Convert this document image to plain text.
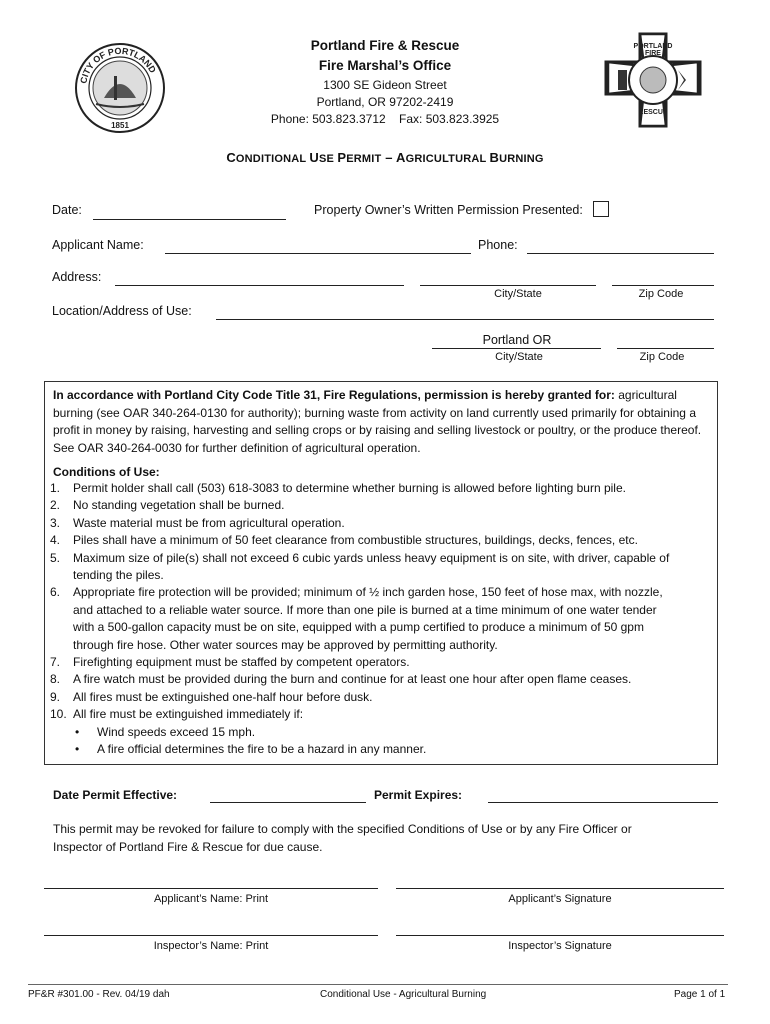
CITY OF PORTLAND
1851
PORTLAND
FIRE
RESCUE
Portland Fire & Rescue
Fire Marshal’s Office
1300 SE Gideon Street
Portland, OR 97202-2419
Phone: 503.823.3712 Fax: 503.823.3925
CONDITIONAL USE PERMIT – AGRICULTURAL BURNING
Date:	Property Owner’s Written Permission Presented:
Applicant Name:	Phone:
Address:
City/State	Zip Code
Location/Address of Use:
Portland OR
City/State	Zip Code
In accordance with Portland City Code Title 31, Fire Regulations, permission is hereby granted for: agricultural burning (see OAR 340-264-0130 for authority); burning waste from activity on land currently used primarily for obtaining a profit in money by raising, harvesting and selling crops or by raising and selling livestock or poultry, or the produce thereof. See OAR 340-264-0030 for further definition of agricultural operation.
Conditions of Use:
1. Permit holder shall call (503) 618-3083 to determine whether burning is allowed before lighting burn pile.
2. No standing vegetation shall be burned.
3. Waste material must be from agricultural operation.
4. Piles shall have a minimum of 50 feet clearance from combustible structures, buildings, decks, fences, etc.
5. Maximum size of pile(s) shall not exceed 6 cubic yards unless heavy equipment is on site, with driver, capable of
tending the piles.
6. Appropriate fire protection will be provided; minimum of ½ inch garden hose, 150 feet of hose max, with nozzle,
and attached to a reliable water source. If more than one pile is burned at a time minimum of one water tender
with a 500-gallon capacity must be on site, equipped with a pump certified to produce a minimum of 50 gpm
through fire hose. Other water sources may be approved by permitting authority.
7. Firefighting equipment must be staffed by competent operators.
8. A fire watch must be provided during the burn and continue for at least one hour after open flame ceases.
9. All fires must be extinguished one-half hour before dusk.
10. All fire must be extinguished immediately if:
• Wind speeds exceed 15 mph.
• A fire official determines the fire to be a hazard in any manner.
Date Permit Effective:	Permit Expires:
This permit may be revoked for failure to comply with the specified Conditions of Use or by any Fire Officer or
Inspector of Portland Fire & Rescue for due cause.
Applicant’s Name: Print	Applicant’s Signature
Inspector’s Name: Print	Inspector’s Signature
PF&R #301.00 - Rev. 04/19 dah	Conditional Use - Agricultural Burning	Page 1 of 1
